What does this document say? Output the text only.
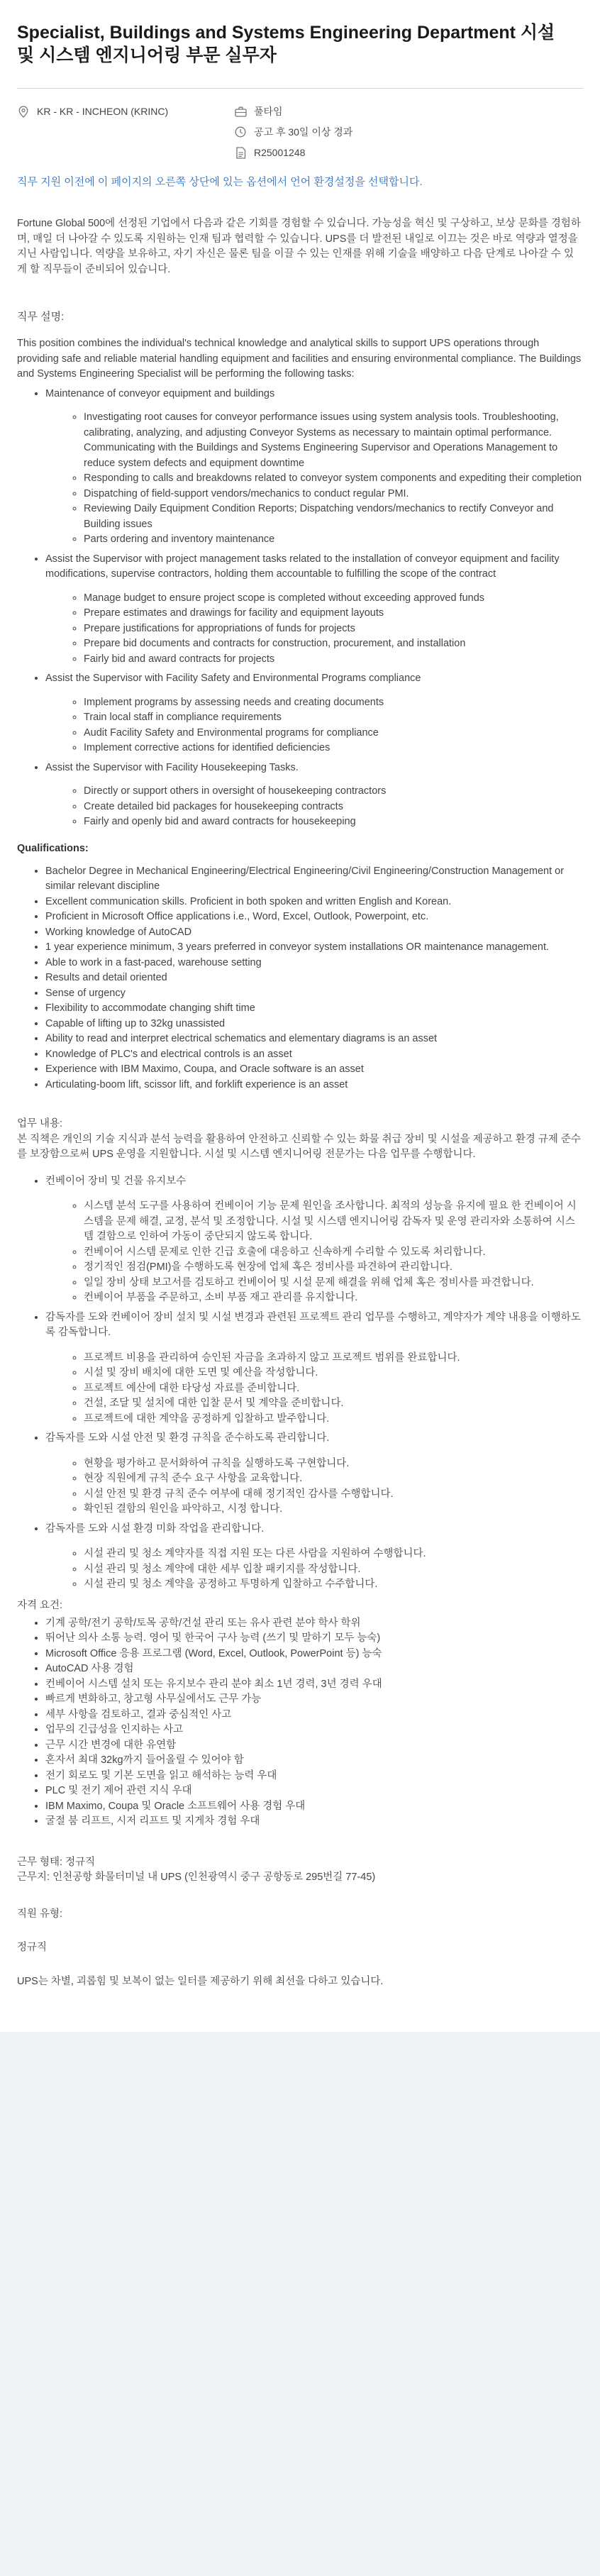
Specialist, Buildings and Systems Engineering Department 시설 및 시스템 엔지니어링 부문 실무자
KR - KR - INCHEON (KRINC)	풀타임
공고 후 30일 이상 경과
R25001248
직무 지원 이전에 이 페이지의 오른쪽 상단에 있는 옵션에서 언어 환경설정을 선택합니다.

Fortune Global 500에 선정된 기업에서 다음과 같은 기회를 경험할 수 있습니다. 가능성을 혁신 및 구상하고, 보상 문화를 경험하며, 매일 더 나아갈 수 있도록 지원하는 인재 팀과 협력할 수 있습니다. UPS를 더 발전된 내일로 이끄는 것은 바로 역량과 열정을 지닌 사람입니다. 역량을 보유하고, 자기 자신은 물론 팀을 이끌 수 있는 인재를 위해 기술을 배양하고 다음 단계로 나아갈 수 있게 할 직무들이 준비되어 있습니다.

직무 설명:

This position combines the individual's technical knowledge and analytical skills to support UPS operations through providing safe and reliable material handling equipment and facilities and ensuring environmental compliance. The Buildings and Systems Engineering Specialist will be performing the following tasks:

• Maintenance of conveyor equipment and buildings
◦ Investigating root causes for conveyor performance issues using system analysis tools. Troubleshooting, calibrating, analyzing, and adjusting Conveyor Systems as necessary to maintain optimal performance. Communicating with the Buildings and Systems Engineering Supervisor and Operations Management to reduce system defects and equipment downtime
◦ Responding to calls and breakdowns related to conveyor system components and expediting their completion
◦ Dispatching of field-support vendors/mechanics to conduct regular PMI.
◦ Reviewing Daily Equipment Condition Reports; Dispatching vendors/mechanics to rectify Conveyor and Building issues
◦ Parts ordering and inventory maintenance
• Assist the Supervisor with project management tasks related to the installation of conveyor equipment and facility modifications, supervise contractors, holding them accountable to fulfilling the scope of the contract
◦ Manage budget to ensure project scope is completed without exceeding approved funds
◦ Prepare estimates and drawings for facility and equipment layouts
◦ Prepare justifications for appropriations of funds for projects
◦ Prepare bid documents and contracts for construction, procurement, and installation
◦ Fairly bid and award contracts for projects
• Assist the Supervisor with Facility Safety and Environmental Programs compliance
◦ Implement programs by assessing needs and creating documents
◦ Train local staff in compliance requirements
◦ Audit Facility Safety and Environmental programs for compliance
◦ Implement corrective actions for identified deficiencies
• Assist the Supervisor with Facility Housekeeping Tasks.
◦ Directly or support others in oversight of housekeeping contractors
◦ Create detailed bid packages for housekeeping contracts
◦ Fairly and openly bid and award contracts for housekeeping
Qualifications:
• Bachelor Degree in Mechanical Engineering/Electrical Engineering/Civil Engineering/Construction Management or similar relevant discipline
• Excellent communication skills. Proficient in both spoken and written English and Korean.
• Proficient in Microsoft Office applications i.e., Word, Excel, Outlook, Powerpoint, etc.
• Working knowledge of AutoCAD
• 1 year experience minimum, 3 years preferred in conveyor system installations OR maintenance management.
• Able to work in a fast-paced, warehouse setting
• Results and detail oriented
• Sense of urgency
• Flexibility to accommodate changing shift time
• Capable of lifting up to 32kg unassisted
• Ability to read and interpret electrical schematics and elementary diagrams is an asset
• Knowledge of PLC's and electrical controls is an asset
• Experience with IBM Maximo, Coupa, and Oracle software is an asset
• Articulating-boom lift, scissor lift, and forklift experience is an asset
업무 내용:

본 직책은 개인의 기술 지식과 분석 능력을 활용하여 안전하고 신뢰할 수 있는 화물 취급 장비 및 시설을 제공하고 환경 규제 준수를 보장함으로써 UPS 운영을 지원합니다. 시설 및 시스템 엔지니어링 전문가는 다음 업무를 수행합니다.

• 컨베이어 장비 및 건물 유지보수
◦ 시스템 분석 도구를 사용하여 컨베이어 기능 문제 원인을 조사합니다. 최적의 성능을 유지에 필요 한 컨베이어 시스템을 문제 해결, 교정, 분석 및 조정합니다. 시설 및 시스템 엔지니어링 감독자 및 운영 관리자와 소통하여 시스템 결함으로 인하여 가동이 중단되지 않도록 합니다.
◦ 컨베이어 시스템 문제로 인한 긴급 호출에 대응하고 신속하게 수리할 수 있도록 처리합니다.
◦ 정기적인 점검(PMI)을 수행하도록 현장에 업체 혹은 정비사를 파견하여 관리합니다.
◦ 일일 장비 상태 보고서를 검토하고 컨베이어 및 시설 문제 해결을 위해 업체 혹은 정비사를 파견합니다.
◦ 컨베이어 부품을 주문하고, 소비 부품 재고 관리를 유지합니다.
• 감독자를 도와 컨베이어 장비 설치 및 시설 변경과 관련된 프로젝트 관리 업무를 수행하고, 계약자가 계약 내용을 이행하도록 감독합니다.
◦ 프로젝트 비용을 관리하여 승인된 자금을 초과하지 않고 프로젝트 범위를 완료합니다.
◦ 시설 및 장비 배치에 대한 도면 및 예산을 작성합니다.
◦ 프로젝트 예산에 대한 타당성 자료를 준비합니다.
◦ 건설, 조달 및 설치에 대한 입찰 문서 및 계약을 준비합니다.
◦ 프로젝트에 대한 계약을 공정하게 입찰하고 발주합니다.
• 감독자를 도와 시설 안전 및 환경 규칙을 준수하도록 관리합니다.
◦ 현황을 평가하고 문서화하여 규칙을 실행하도록 구현합니다.
◦ 현장 직원에게 규칙 준수 요구 사항을 교육합니다.
◦ 시설 안전 및 환경 규칙 준수 여부에 대해 정기적인 감사를 수행합니다.
◦ 확인된 결함의 원인을 파악하고, 시정 합니다.
• 감독자를 도와 시설 환경 미화 작업을 관리합니다.
◦ 시설 관리 및 청소 계약자를 직접 지원 또는 다른 사람을 지원하여 수행합니다.
◦ 시설 관리 및 청소 계약에 대한 세부 입찰 패키지를 작성합니다.
◦ 시설 관리 및 청소 계약을 공정하고 투명하게 입찰하고 수주합니다.
자격 요건:
• 기계 공학/전기 공학/토목 공학/건설 관리 또는 유사 관련 분야 학사 학위
• 뛰어난 의사 소통 능력. 영어 및 한국어 구사 능력 (쓰기 및 말하기 모두 능숙)
• Microsoft Office 응용 프로그램 (Word, Excel, Outlook, PowerPoint 등) 능숙
• AutoCAD 사용 경험
• 컨베이어 시스템 설치 또는 유지보수 관리 분야 최소 1년 경력, 3년 경력 우대
• 빠르게 변화하고, 창고형 사무실에서도 근무 가능
• 세부 사항을 검토하고, 결과 중심적인 사고
• 업무의 긴급성을 인지하는 사고
• 근무 시간 변경에 대한 유연함
• 혼자서 최대 32kg까지 들어올릴 수 있어야 함
• 전기 회로도 및 기본 도면을 읽고 해석하는 능력 우대
• PLC 및 전기 제어 관련 지식 우대
• IBM Maximo, Coupa 및 Oracle 소프트웨어 사용 경험 우대
• 굴절 붐 리프트, 시저 리프트 및 지게차 경험 우대

근무 형태: 정규직

근무지: 인천공항 화물터미널 내 UPS (인천광역시 중구 공항동로 295번길 77-45)

직원 유형:

정규직

UPS는 차별, 괴롭힘 및 보복이 없는 일터를 제공하기 위해 최선을 다하고 있습니다.
